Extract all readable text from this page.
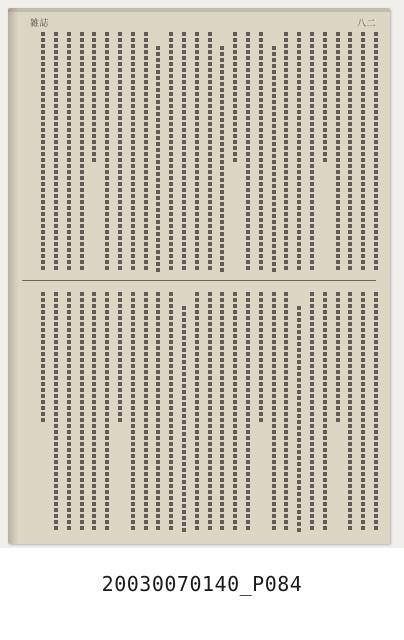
雑誌	八二
20030070140_P084
